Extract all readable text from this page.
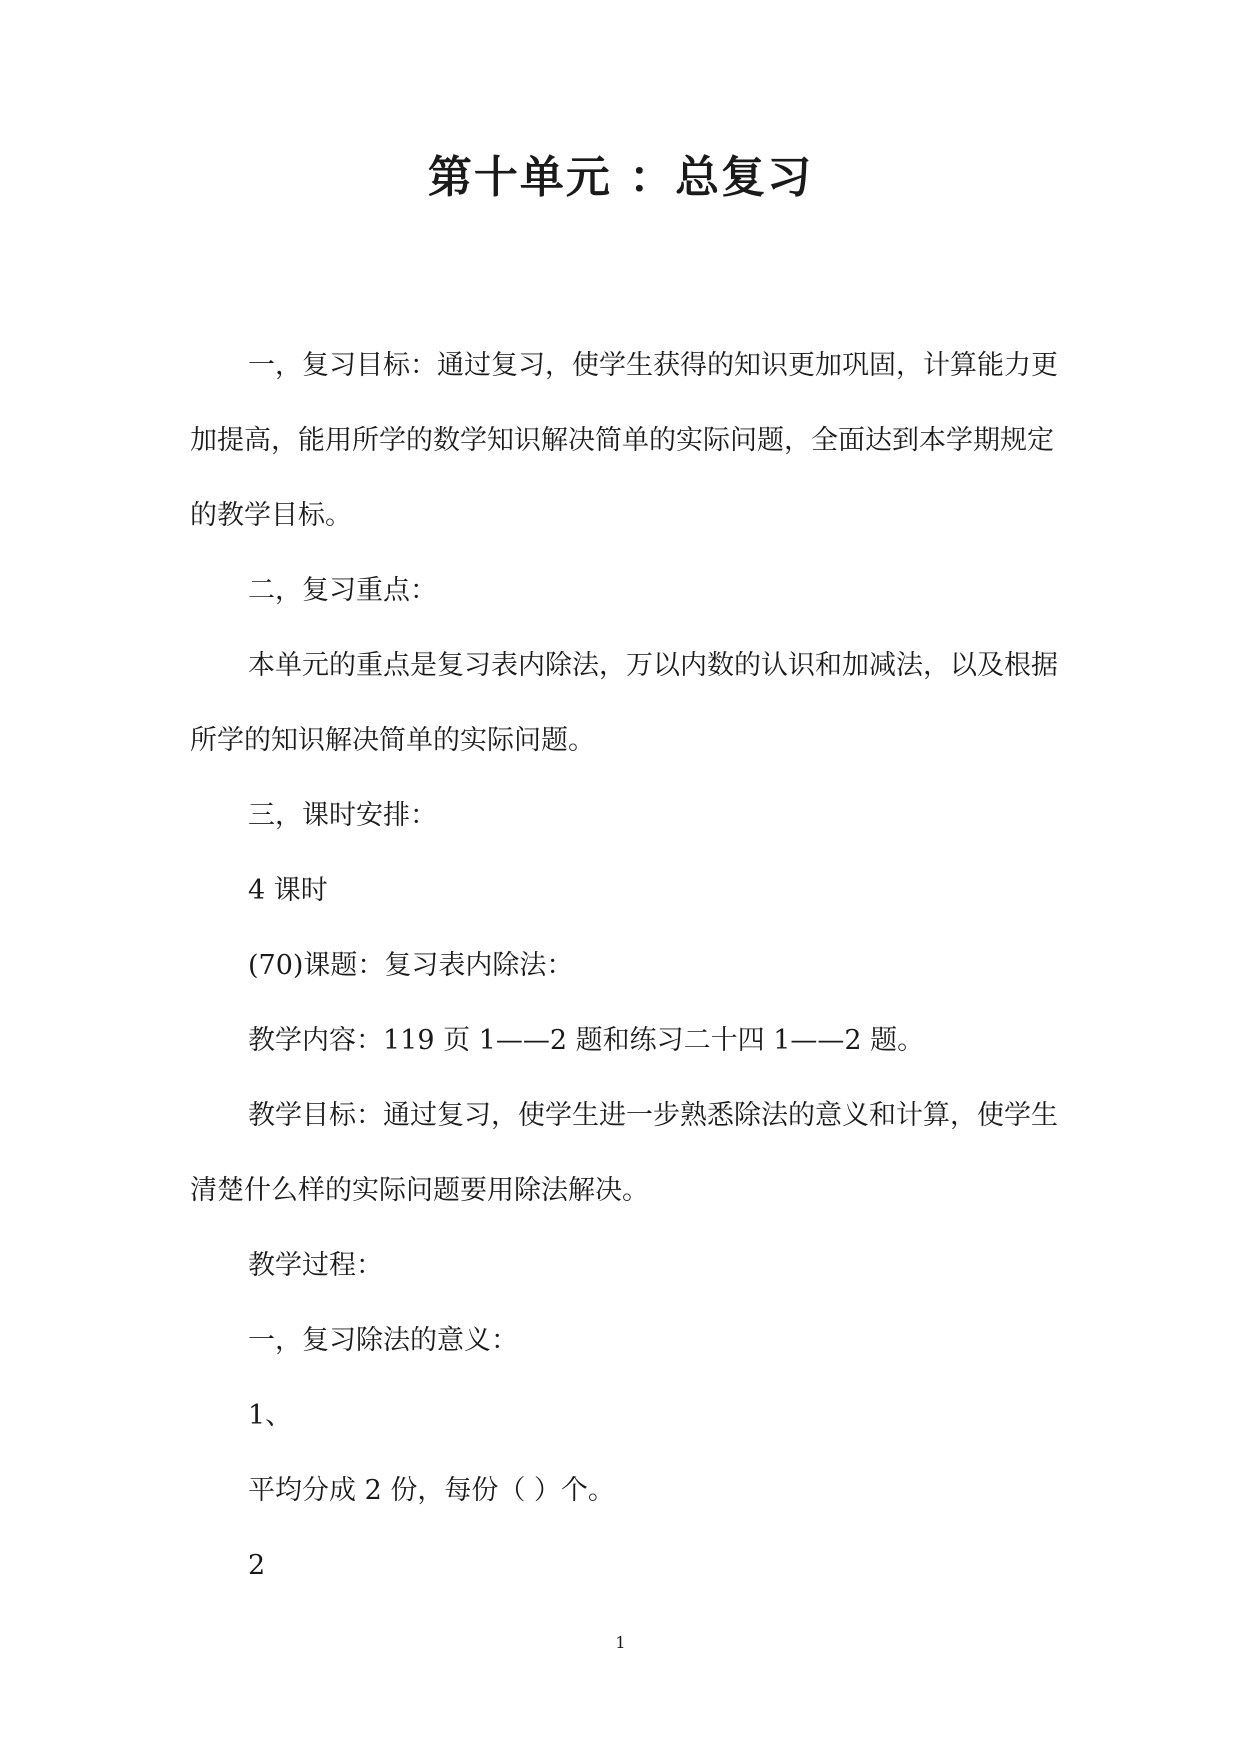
第十单元 ：总复习

一，复习目标：通过复习，使学生获得的知识更加巩固，计算能力更加提高，能用所学的数学知识解决简单的实际问题，全面达到本学期规定的教学目标。

二，复习重点：

本单元的重点是复习表内除法，万以内数的认识和加减法，以及根据所学的知识解决简单的实际问题。

三，课时安排：

4 课时

(70)课题：复习表内除法：

教学内容：119 页 1——2 题和练习二十四 1——2 题。

教学目标：通过复习，使学生进一步熟悉除法的意义和计算，使学生清楚什么样的实际问题要用除法解决。

教学过程：

一，复习除法的意义：

1、

平均分成 2 份，每份（ ）个。

2

1
